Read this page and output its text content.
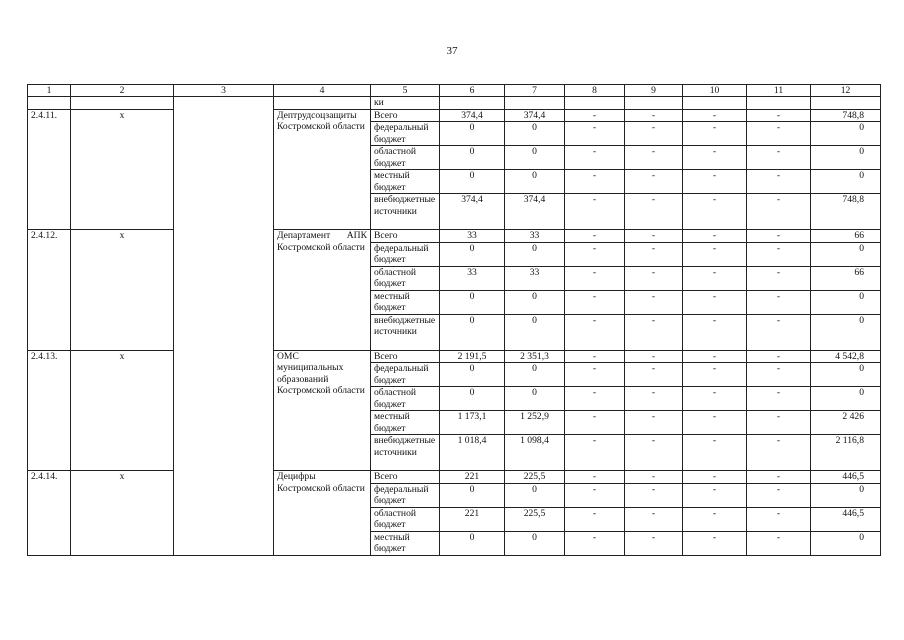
37
1	2	3	4	5	6	7	8	9	10	11	12
				ки							
2.4.11.	х		Дептрудсоцзащиты Костромской области	Всего	374,4	374,4	-	-	-	-	748,8
				федеральный бюджет	0	0	-	-	-	-	0
				областной бюджет	0	0	-	-	-	-	0
				местный бюджет	0	0	-	-	-	-	0
				внебюджетные источники	374,4	374,4	-	-	-	-	748,8
2.4.12.	х		Департамент АПК Костромской области	Всего	33	33	-	-	-	-	66
				федеральный бюджет	0	0	-	-	-	-	0
				областной бюджет	33	33	-	-	-	-	66
				местный бюджет	0	0	-	-	-	-	0
				внебюджетные источники	0	0	-	-	-	-	0
2.4.13.	х		ОМС муниципальных образований Костромской области	Всего	2 191,5	2 351,3	-	-	-	-	4 542,8
				федеральный бюджет	0	0	-	-	-	-	0
				областной бюджет	0	0	-	-	-	-	0
				местный бюджет	1 173,1	1 252,9	-	-	-	-	2 426
				внебюджетные источники	1 018,4	1 098,4	-	-	-	-	2 116,8
2.4.14.	х		Децифры Костромской области	Всего	221	225,5	-	-	-	-	446,5
				федеральный бюджет	0	0	-	-	-	-	0
				областной бюджет	221	225,5	-	-	-	-	446,5
				местный бюджет	0	0	-	-	-	-	0
